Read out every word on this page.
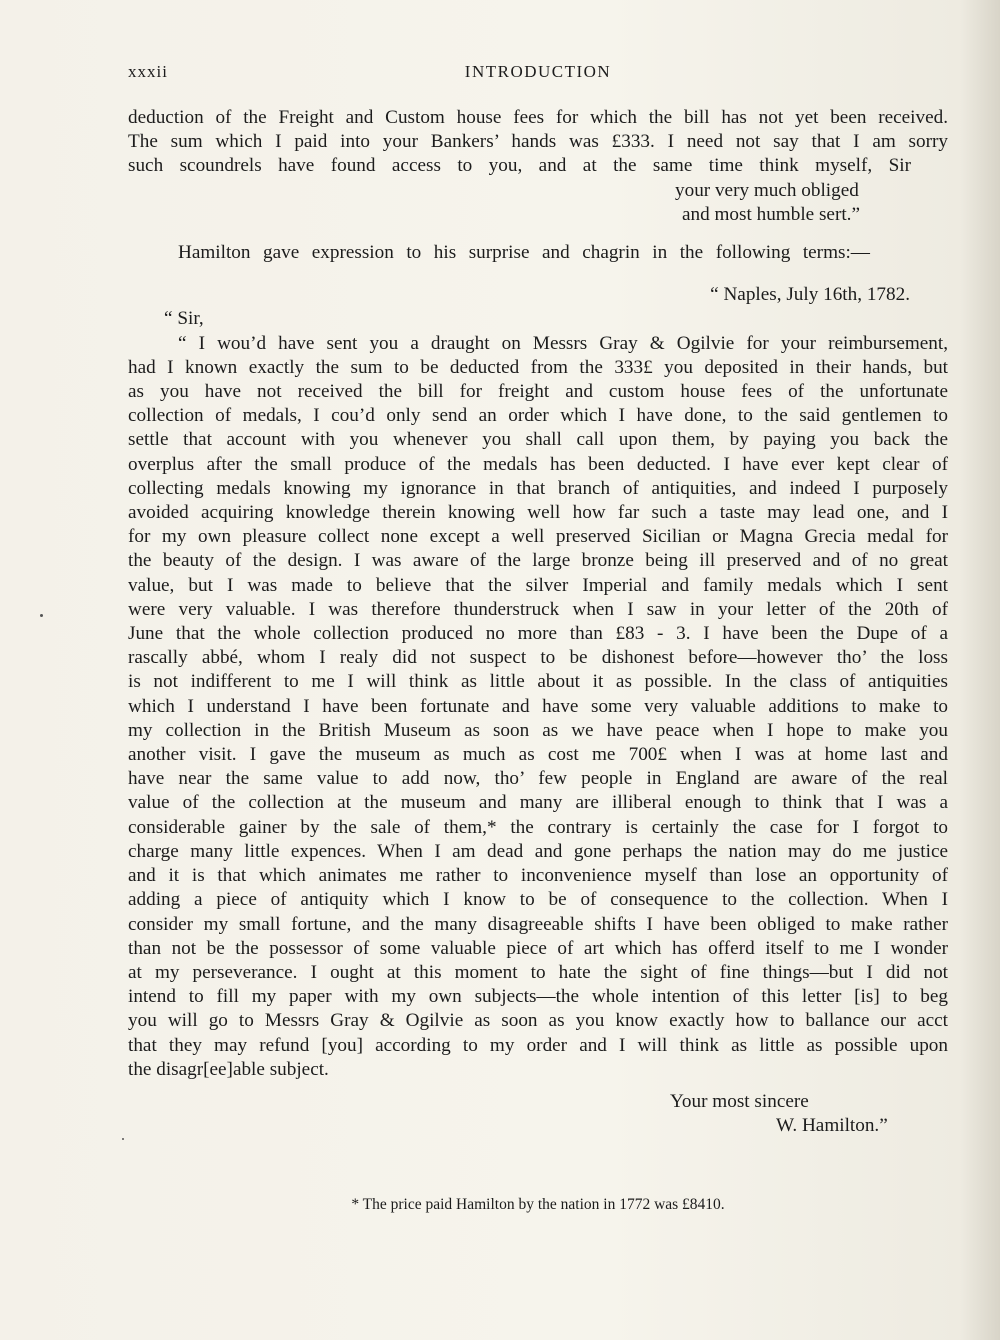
xxxii	INTRODUCTION
deduction of the Freight and Custom house fees for which the bill has not yet been received.
The sum which I paid into your Bankers’ hands was £333. I need not say that I am sorry
such scoundrels have found access to you, and at the same time think myself, Sir
your very much obliged
and most humble sert.”
Hamilton gave expression to his surprise and chagrin in the following terms:—
“ Naples, July 16th, 1782.
“ Sir,
“ I wou’d have sent you a draught on Messrs Gray & Ogilvie for your reimbursement,
had I known exactly the sum to be deducted from the 333£ you deposited in their hands, but
as you have not received the bill for freight and custom house fees of the unfortunate
collection of medals, I cou’d only send an order which I have done, to the said gentlemen to
settle that account with you whenever you shall call upon them, by paying you back the
overplus after the small produce of the medals has been deducted. I have ever kept clear of
collecting medals knowing my ignorance in that branch of antiquities, and indeed I purposely
avoided acquiring knowledge therein knowing well how far such a taste may lead one, and I
for my own pleasure collect none except a well preserved Sicilian or Magna Grecia medal for
the beauty of the design. I was aware of the large bronze being ill preserved and of no great
value, but I was made to believe that the silver Imperial and family medals which I sent
were very valuable. I was therefore thunderstruck when I saw in your letter of the 20th of
June that the whole collection produced no more than £83 - 3. I have been the Dupe of a
rascally abbé, whom I realy did not suspect to be dishonest before—however tho’ the loss
is not indifferent to me I will think as little about it as possible. In the class of antiquities
which I understand I have been fortunate and have some very valuable additions to make to
my collection in the British Museum as soon as we have peace when I hope to make you
another visit. I gave the museum as much as cost me 700£ when I was at home last and
have near the same value to add now, tho’ few people in England are aware of the real
value of the collection at the museum and many are illiberal enough to think that I was a
considerable gainer by the sale of them,* the contrary is certainly the case for I forgot to
charge many little expences. When I am dead and gone perhaps the nation may do me justice
and it is that which animates me rather to inconvenience myself than lose an opportunity of
adding a piece of antiquity which I know to be of consequence to the collection. When I
consider my small fortune, and the many disagreeable shifts I have been obliged to make rather
than not be the possessor of some valuable piece of art which has offerd itself to me I wonder
at my perseverance. I ought at this moment to hate the sight of fine things—but I did not
intend to fill my paper with my own subjects—the whole intention of this letter [is] to beg
you will go to Messrs Gray & Ogilvie as soon as you know exactly how to ballance our acct
that they may refund [you] according to my order and I will think as little as possible upon
the disagr[ee]able subject.
Your most sincere
W. Hamilton.”
* The price paid Hamilton by the nation in 1772 was £8410.
